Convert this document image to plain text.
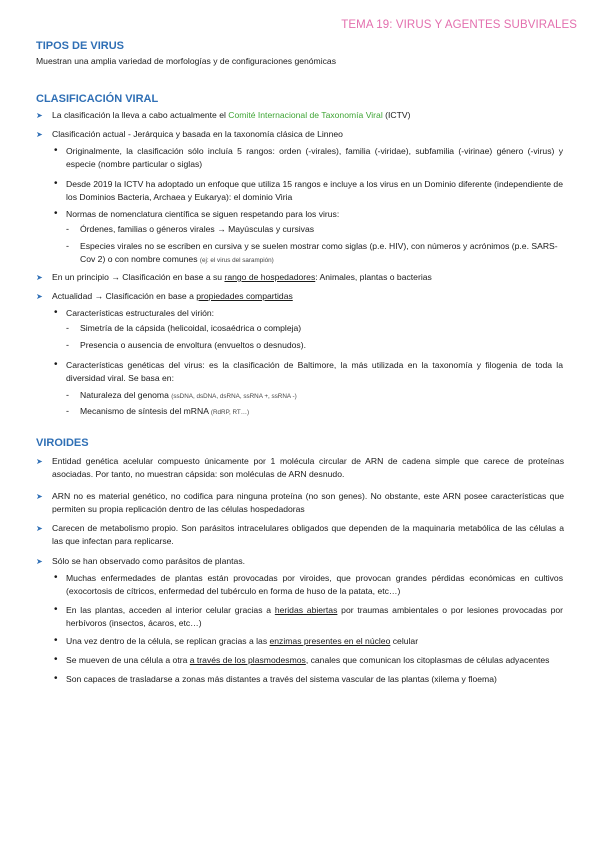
TEMA 19: VIRUS Y AGENTES SUBVIRALES
TIPOS DE VIRUS
Muestran una amplia variedad de morfologías y de configuraciones genómicas
CLASIFICACIÓN VIRAL
➤ La clasificación la lleva a cabo actualmente el Comité Internacional de Taxonomía Viral (ICTV)
➤ Clasificación actual - Jerárquica y basada en la taxonomía clásica de Linneo
• Originalmente, la clasificación sólo incluía 5 rangos: orden (-virales), familia (-viridae), subfamilia (-virinae) género (-virus) y especie (nombre particular o siglas)
• Desde 2019 la ICTV ha adoptado un enfoque que utiliza 15 rangos e incluye a los virus en un Dominio diferente (independiente de los Dominios Bacteria, Archaea y Eukarya): el dominio Viria
• Normas de nomenclatura científica se siguen respetando para los virus:
- Órdenes, familias o géneros virales → Mayúsculas y cursivas
- Especies virales no se escriben en cursiva y se suelen mostrar como siglas (p.e. HIV), con números y acrónimos (p.e. SARS-Cov 2) o con nombre comunes (ej: el virus del sarampión)
➤ En un principio → Clasificación en base a su rango de hospedadores: Animales, plantas o bacterias
➤ Actualidad → Clasificación en base a propiedades compartidas
• Características estructurales del virión:
- Simetría de la cápsida (helicoidal, icosaédrica o compleja)
- Presencia o ausencia de envoltura (envueltos o desnudos).
• Características genéticas del virus: es la clasificación de Baltimore, la más utilizada en la taxonomía y filogenia de toda la diversidad viral. Se basa en:
- Naturaleza del genoma (ssDNA, dsDNA, dsRNA, ssRNA +, ssRNA -)
- Mecanismo de síntesis del mRNA (RdRP, RT…)
VIROIDES
➤ Entidad genética acelular compuesto únicamente por 1 molécula circular de ARN de cadena simple que carece de proteínas asociadas. Por tanto, no muestran cápsida: son moléculas de ARN desnudo.
➤ ARN no es material genético, no codifica para ninguna proteína (no son genes). No obstante, este ARN posee características que permiten su propia replicación dentro de las células hospedadoras
➤ Carecen de metabolismo propio. Son parásitos intracelulares obligados que dependen de la maquinaria metabólica de las células a las que infectan para replicarse.
➤ Sólo se han observado como parásitos de plantas.
• Muchas enfermedades de plantas están provocadas por viroides, que provocan grandes pérdidas económicas en cultivos (exocortosis de cítricos, enfermedad del tubérculo en forma de huso de la patata, etc…)
• En las plantas, acceden al interior celular gracias a heridas abiertas por traumas ambientales o por lesiones provocadas por herbívoros (insectos, ácaros, etc…)
• Una vez dentro de la célula, se replican gracias a las enzimas presentes en el núcleo celular
• Se mueven de una célula a otra a través de los plasmodesmos, canales que comunican los citoplasmas de células adyacentes
• Son capaces de trasladarse a zonas más distantes a través del sistema vascular de las plantas (xilema y floema)
